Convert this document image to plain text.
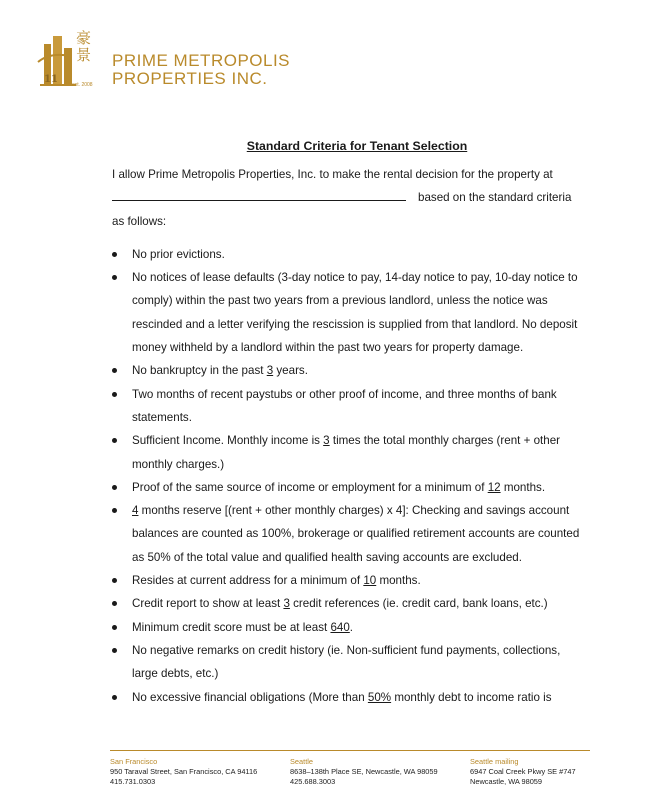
豪景
11	est. 2008
PRIME METROPOLIS
PROPERTIES INC.
Standard Criteria for Tenant Selection

I allow Prime Metropolis Properties, Inc. to make the rental decision for the property at

based on the standard criteria

as follows:

No prior evictions.
No notices of lease defaults (3-day notice to pay, 14-day notice to pay, 10-day notice to comply) within the past two years from a previous landlord, unless the notice was rescinded and a letter verifying the rescission is supplied from that landlord. No deposit money withheld by a landlord within the past two years for property damage.
No bankruptcy in the past 3 years.
Two months of recent paystubs or other proof of income, and three months of bank statements.
Sufficient Income. Monthly income is 3 times the total monthly charges (rent + other monthly charges.)
Proof of the same source of income or employment for a minimum of 12 months.
4 months reserve [(rent + other monthly charges) x 4]: Checking and savings account balances are counted as 100%, brokerage or qualified retirement accounts are counted as 50% of the total value and qualified health saving accounts are excluded.
Resides at current address for a minimum of 10 months.
Credit report to show at least 3 credit references (ie. credit card, bank loans, etc.)
Minimum credit score must be at least 640.
No negative remarks on credit history (ie. Non-sufficient fund payments, collections, large debts, etc.)
No excessive financial obligations (More than 50% monthly debt to income ratio is
San Francisco
950 Taraval Street, San Francisco, CA 94116
415.731.0303
Seattle
8638–138th Place SE, Newcastle, WA 98059
425.688.3003
Seattle mailing
6947 Coal Creek Pkwy SE #747
Newcastle, WA 98059
